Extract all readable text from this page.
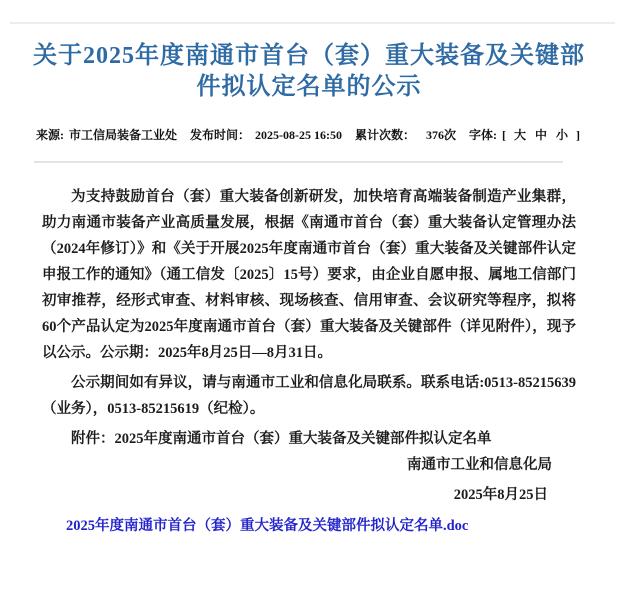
关于2025年度南通市首台（套）重大装备及关键部
件拟认定名单的公示
来源: 市工信局装备工业处 发布时间： 2025-08-25 16:50 累计次数： 376次 字体: [ 大 中 小 ]

为支持鼓励首台（套）重大装备创新研发，加快培育高端装备制造产业集群，助力南通市装备产业高质量发展，根据《南通市首台（套）重大装备认定管理办法（2024年修订）》和《关于开展2025年度南通市首台（套）重大装备及关键部件认定申报工作的通知》（通工信发〔2025〕15号）要求，由企业自愿申报、属地工信部门初审推荐，经形式审查、材料审核、现场核查、信用审查、会议研究等程序，拟将60个产品认定为2025年度南通市首台（套）重大装备及关键部件（详见附件），现予以公示。公示期：2025年8月25日—8月31日。

公示期间如有异议，请与南通市工业和信息化局联系。联系电话:0513-85215639（业务），0513-85215619（纪检）。

附件：2025年度南通市首台（套）重大装备及关键部件拟认定名单

南通市工业和信息化局
2025年8月25日
2025年度南通市首台（套）重大装备及关键部件拟认定名单.doc
